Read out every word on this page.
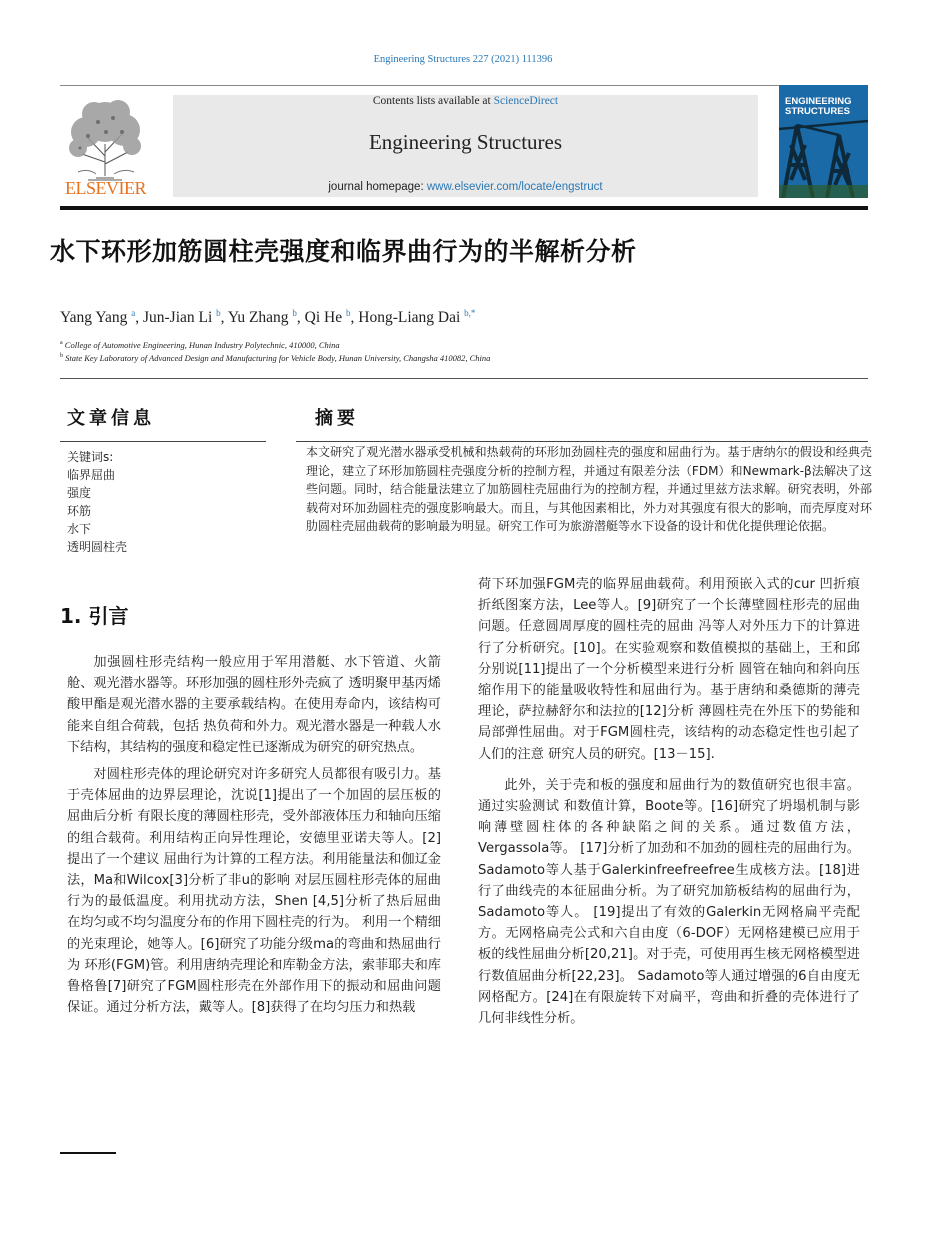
Engineering Structures 227 (2021) 111396
ELSEVIER
Contents lists available at ScienceDirect
Engineering Structures
journal homepage: www.elsevier.com/locate/engstruct
ENGINEERING
STRUCTURES
水下环形加筋圆柱壳强度和临界曲行为的半解析分析
Yang Yang $^a$, Jun-Jian Li $^b$, Yu Zhang $^b$, Qi He $^b$, Hong-Liang Dai $^{b,*}$
$^a$ College of Automotive Engineering, Hunan Industry Polytechnic, 410000, China
$^b$ State Key Laboratory of Advanced Design and Manufacturing for Vehicle Body, Hunan University, Changsha 410082, China
文章信息
关键词s:
临界屈曲
强度
环筋
水下
透明圆柱壳
摘要
本文研究了观光潜水器承受机械和热载荷的环形加劲圆柱壳的强度和屈曲行为。基于唐纳尔的假设和经典壳理论，建立了环形加筋圆柱壳强度分析的控制方程，并通过有限差分法（FDM）和Newmark-β法解决了这些问题。同时，结合能量法建立了加筋圆柱壳屈曲行为的控制方程，并通过里兹方法求解。研究表明，外部载荷对环加劲圆柱壳的强度影响最大。而且，与其他因素相比，外力对其强度有很大的影响，而壳厚度对环肋圆柱壳屈曲载荷的影响最为明显。研究工作可为旅游潜艇等水下设备的设计和优化提供理论依据。
1. 引言

加强圆柱形壳结构一般应用于军用潜艇、水下管道、火箭舱、观光潜水器等。环形加强的圆柱形外壳疯了 透明聚甲基丙烯酸甲酯是观光潜水器的主要承载结构。在使用寿命内，该结构可能来自组合荷载，包括 热负荷和外力。观光潜水器是一种载人水下结构，其结构的强度和稳定性已逐渐成为研究的研究热点。

对圆柱形壳体的理论研究对许多研究人员都很有吸引力。基于壳体屈曲的边界层理论，沈说[1]提出了一个加固的层压板的屈曲后分析 有限长度的薄圆柱形壳，受外部液体压力和轴向压缩的组合载荷。利用结构正向异性理论，安德里亚诺夫等人。[2]提出了一个建议 屈曲行为计算的工程方法。利用能量法和伽辽金法，Ma和Wilcox[3]分析了非u的影响 对层压圆柱形壳体的屈曲行为的最低温度。利用扰动方法，Shen [4,5]分析了热后屈曲 在均匀或不均匀温度分布的作用下圆柱壳的行为。 利用一个精细的光束理论，她等人。[6]研究了功能分级ma的弯曲和热屈曲行为 环形(FGM)管。利用唐纳壳理论和库勒金方法，索菲耶夫和库鲁格鲁[7]研究了FGM圆柱形壳在外部作用下的振动和屈曲问题保证。通过分析方法，戴等人。[8]获得了在均匀压力和热载

荷下环加强FGM壳的临界屈曲载荷。利用预嵌入式的cur 凹折痕折纸图案方法，Lee等人。[9]研究了一个长薄壁圆柱形壳的屈曲问题。任意圆周厚度的圆柱壳的屈曲 冯等人对外压力下的计算进行了分析研究。[10]。在实验观察和数值模拟的基础上，王和邱分别说[11]提出了一个分析模型来进行分析 圆管在轴向和斜向压缩作用下的能量吸收特性和屈曲行为。基于唐纳和桑德斯的薄壳理论，萨拉赫舒尔和法拉的[12]分析 薄圆柱壳在外压下的势能和局部弹性屈曲。对于FGM圆柱壳，该结构的动态稳定性也引起了人们的注意 研究人员的研究。[13－15].

此外，关于壳和板的强度和屈曲行为的数值研究也很丰富。通过实验测试 和数值计算，Boote等。[16]研究了坍塌机制与影响薄壁圆柱体的各种缺陷之间的关系。通过数值方法，Vergassola等。 [17]分析了加劲和不加劲的圆柱壳的屈曲行为。 Sadamoto等人基于Galerkinfreefreefree生成核方法。[18]进行了曲线壳的本征屈曲分析。为了研究加筋板结构的屈曲行为，Sadamoto等人。 [19]提出了有效的Galerkin无网格扁平壳配方。无网格扁壳公式和六自由度（6-DOF）无网格建模已应用于板的线性屈曲分析[20,21]。对于壳，可使用再生核无网格模型进行数值屈曲分析[22,23]。 Sadamoto等人通过增强的6自由度无网格配方。[24]在有限旋转下对扁平，弯曲和折叠的壳体进行了几何非线性分析。
